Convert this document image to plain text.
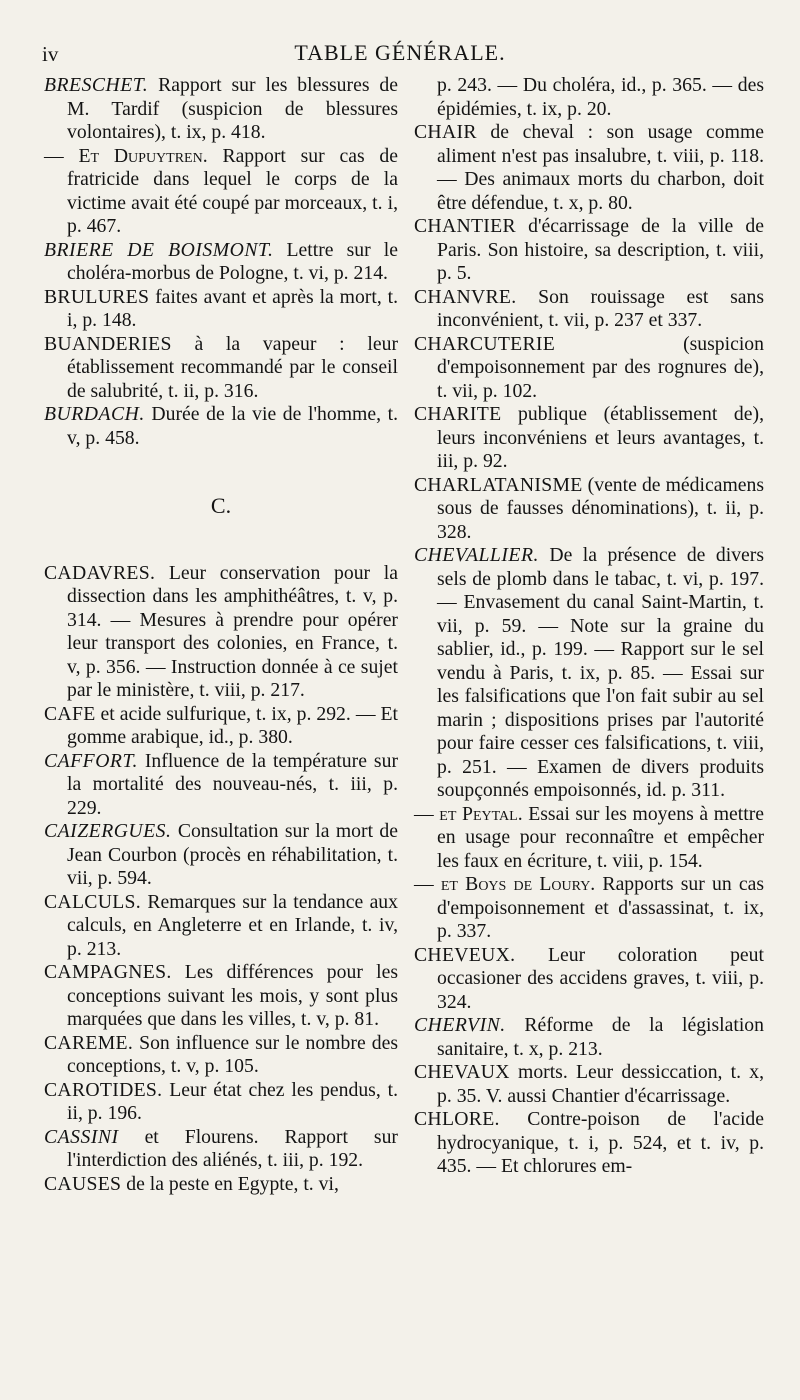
iv	TABLE GÉNÉRALE.

BRESCHET. Rapport sur les blessures de M. Tardif (suspicion de blessures volontaires), t. ix, p. 418.

— Et Dupuytren. Rapport sur cas de fratricide dans lequel le corps de la victime avait été coupé par morceaux, t. i, p. 467.

BRIERE DE BOISMONT. Lettre sur le choléra-morbus de Pologne, t. vi, p. 214.

BRULURES faites avant et après la mort, t. i, p. 148.

BUANDERIES à la vapeur : leur établissement recommandé par le conseil de salubrité, t. ii, p. 316.

BURDACH. Durée de la vie de l'homme, t. v, p. 458.

C.

CADAVRES. Leur conservation pour la dissection dans les amphithéâtres, t. v, p. 314. — Mesures à prendre pour opérer leur transport des colonies, en France, t. v, p. 356. — Instruction donnée à ce sujet par le ministère, t. viii, p. 217.

CAFE et acide sulfurique, t. ix, p. 292. — Et gomme arabique, id., p. 380.

CAFFORT. Influence de la température sur la mortalité des nouveau-nés, t. iii, p. 229.

CAIZERGUES. Consultation sur la mort de Jean Courbon (procès en réhabilitation, t. vii, p. 594.

CALCULS. Remarques sur la tendance aux calculs, en Angleterre et en Irlande, t. iv, p. 213.

CAMPAGNES. Les différences pour les conceptions suivant les mois, y sont plus marquées que dans les villes, t. v, p. 81.

CAREME. Son influence sur le nombre des conceptions, t. v, p. 105.

CAROTIDES. Leur état chez les pendus, t. ii, p. 196.

CASSINI et Flourens. Rapport sur l'interdiction des aliénés, t. iii, p. 192.

CAUSES de la peste en Egypte, t. vi,

p. 243. — Du choléra, id., p. 365. — des épidémies, t. ix, p. 20.

CHAIR de cheval : son usage comme aliment n'est pas insalubre, t. viii, p. 118. — Des animaux morts du charbon, doit être défendue, t. x, p. 80.

CHANTIER d'écarrissage de la ville de Paris. Son histoire, sa description, t. viii, p. 5.

CHANVRE. Son rouissage est sans inconvénient, t. vii, p. 237 et 337.

CHARCUTERIE (suspicion d'empoisonnement par des rognures de), t. vii, p. 102.

CHARITE publique (établissement de), leurs inconvéniens et leurs avantages, t. iii, p. 92.

CHARLATANISME (vente de médicamens sous de fausses dénominations), t. ii, p. 328.

CHEVALLIER. De la présence de divers sels de plomb dans le tabac, t. vi, p. 197. — Envasement du canal Saint-Martin, t. vii, p. 59. — Note sur la graine du sablier, id., p. 199. — Rapport sur le sel vendu à Paris, t. ix, p. 85. — Essai sur les falsifications que l'on fait subir au sel marin ; dispositions prises par l'autorité pour faire cesser ces falsifications, t. viii, p. 251. — Examen de divers produits soupçonnés empoisonnés, id. p. 311.

— et Peytal. Essai sur les moyens à mettre en usage pour reconnaître et empêcher les faux en écriture, t. viii, p. 154.

— et Boys de Loury. Rapports sur un cas d'empoisonnement et d'assassinat, t. ix, p. 337.

CHEVEUX. Leur coloration peut occasioner des accidens graves, t. viii, p. 324.

CHERVIN. Réforme de la législation sanitaire, t. x, p. 213.

CHEVAUX morts. Leur dessiccation, t. x, p. 35. V. aussi Chantier d'écarrissage.

CHLORE. Contre-poison de l'acide hydrocyanique, t. i, p. 524, et t. iv, p. 435. — Et chlorures em-
